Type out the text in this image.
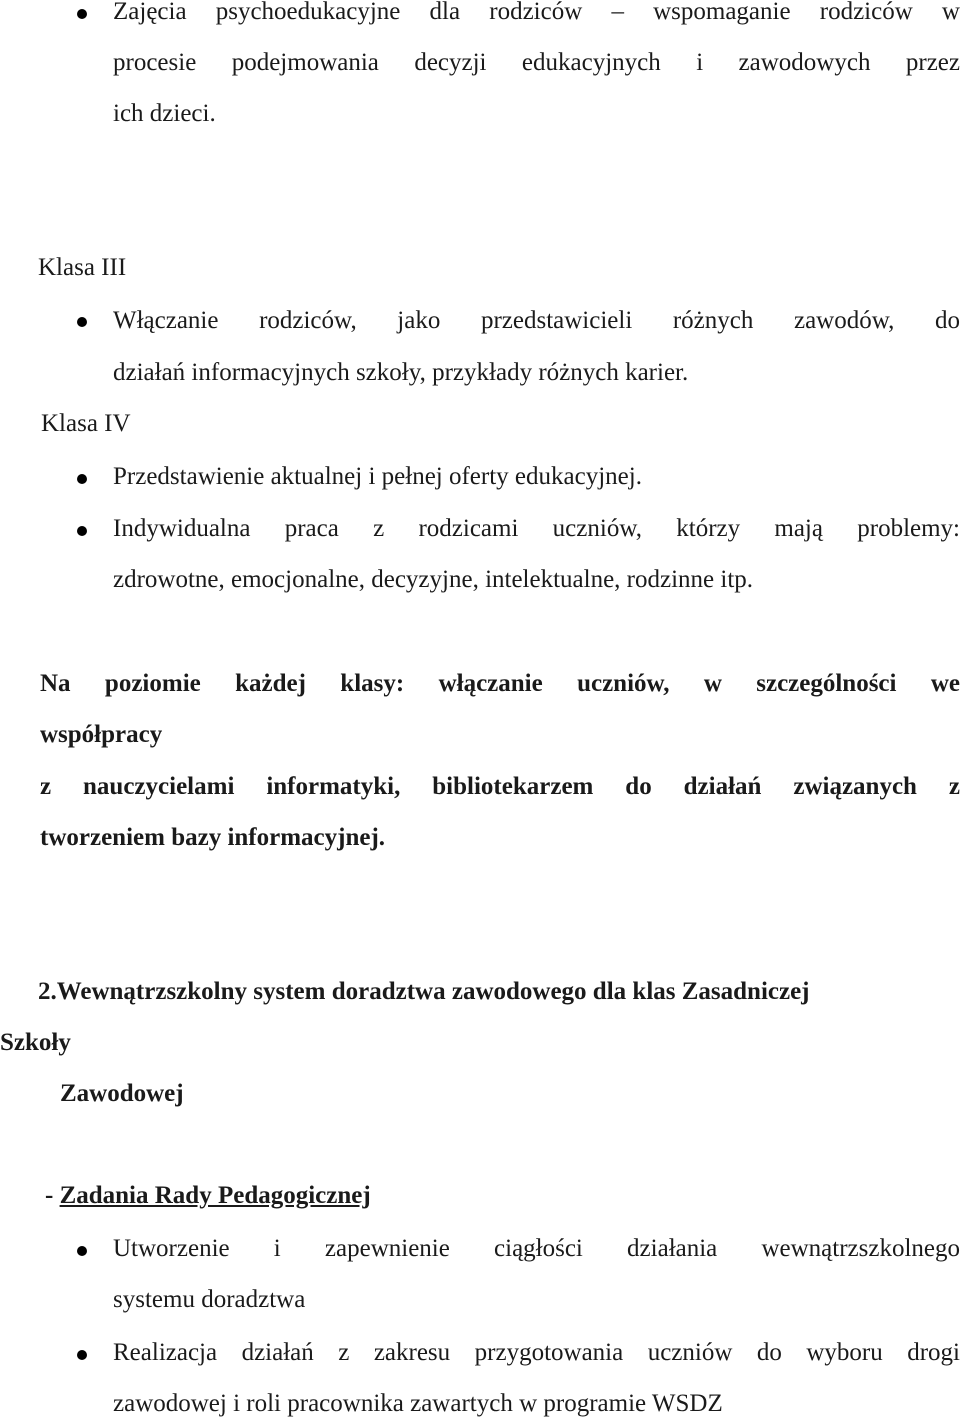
Zajęcia psychoedukacyjne dla rodziców – wspomaganie rodziców w
procesie podejmowania decyzji edukacyjnych i zawodowych przez
ich dzieci.
Klasa III
Włączanie rodziców, jako przedstawicieli różnych zawodów, do
działań informacyjnych szkoły, przykłady różnych karier.
Klasa IV
Przedstawienie aktualnej i pełnej oferty edukacyjnej.
Indywidualna praca z rodzicami uczniów, którzy mają problemy:
zdrowotne, emocjonalne, decyzyjne, intelektualne, rodzinne itp.
Na poziomie każdej klasy: włączanie uczniów, w szczególności we
współpracy
z nauczycielami informatyki, bibliotekarzem do działań związanych z
tworzeniem bazy informacyjnej.
2.Wewnątrzszkolny system doradztwa zawodowego dla klas Zasadniczej
Szkoły
Zawodowej
- Zadania Rady Pedagogicznej
Utworzenie i zapewnienie ciągłości działania wewnątrzszkolnego
systemu doradztwa
Realizacja działań z zakresu przygotowania uczniów do wyboru drogi
zawodowej i roli pracownika zawartych w programie WSDZ
